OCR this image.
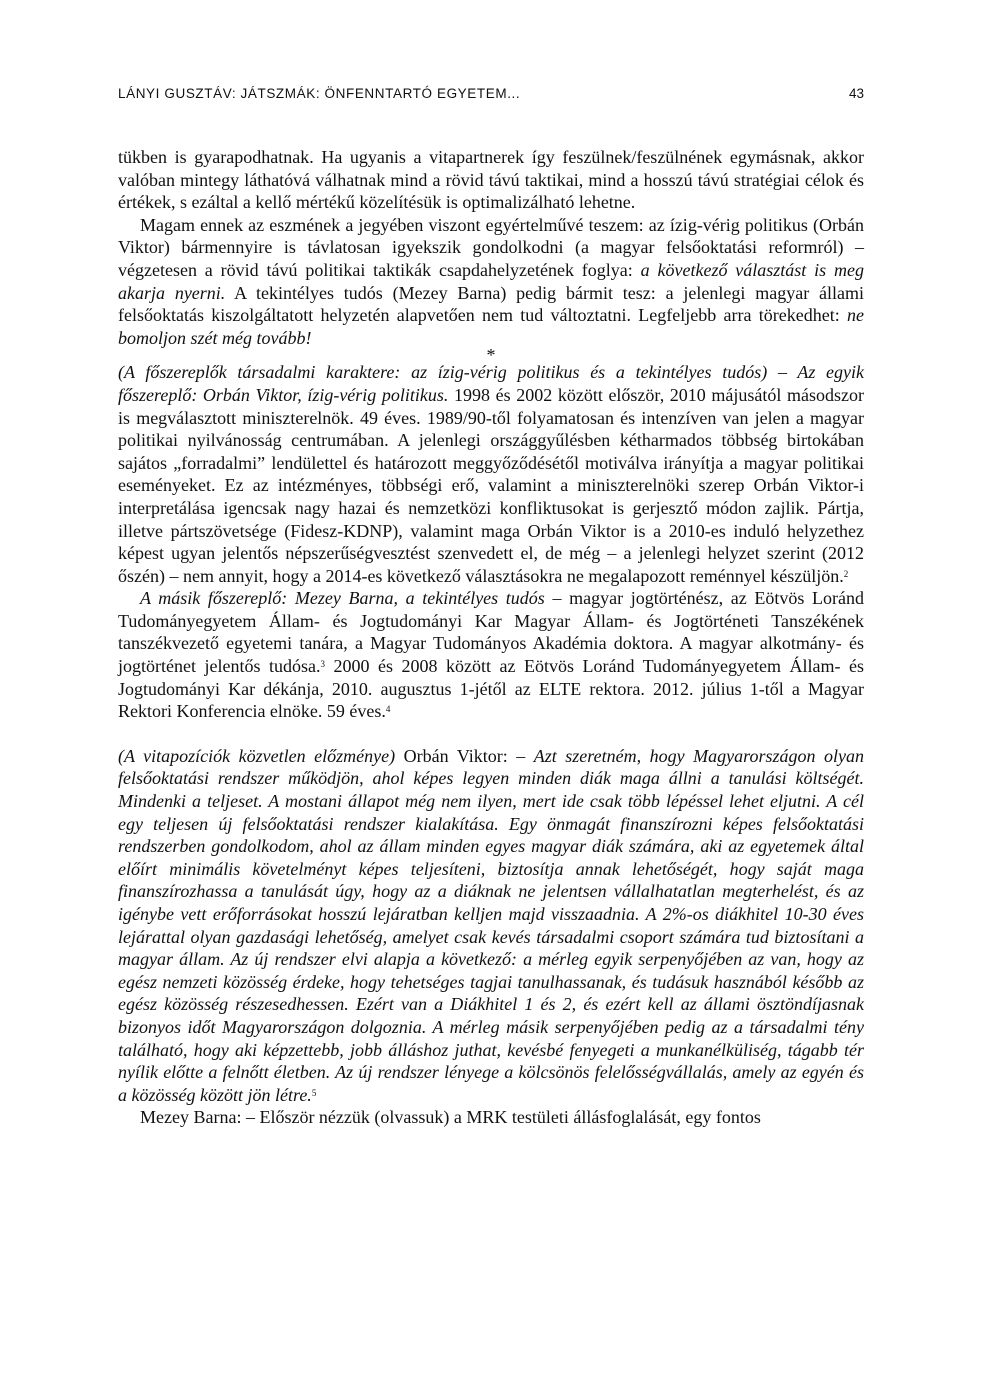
LÁNYI GUSZTÁV: JÁTSZMÁK: ÖNFENNTARTÓ EGYETEM...	43

tükben is gyarapodhatnak. Ha ugyanis a vitapartnerek így feszülnek/feszülnének egymásnak, akkor valóban mintegy láthatóvá válhatnak mind a rövid távú taktikai, mind a hosszú távú stratégiai célok és értékek, s ezáltal a kellő mértékű közelítésük is optimalizálható lehetne.

Magam ennek az eszmének a jegyében viszont egyértelművé teszem: az ízig-vérig politikus (Orbán Viktor) bármennyire is távlatosan igyekszik gondolkodni (a magyar felsőoktatási reformról) – végzetesen a rövid távú politikai taktikák csapdahelyzetének foglya: a következő választást is meg akarja nyerni. A tekintélyes tudós (Mezey Barna) pedig bármit tesz: a jelenlegi magyar állami felsőoktatás kiszolgáltatott helyzetén alapvetően nem tud változtatni. Legfeljebb arra törekedhet: ne bomoljon szét még tovább!

*

(A főszereplők társadalmi karaktere: az ízig-vérig politikus és a tekintélyes tudós) – Az egyik főszereplő: Orbán Viktor, ízig-vérig politikus. 1998 és 2002 között először, 2010 májusától másodszor is megválasztott miniszterelnök. 49 éves. 1989/90-től folyamatosan és intenzíven van jelen a magyar politikai nyilvánosság centrumában. A jelenlegi országgyűlésben kétharmados többség birtokában sajátos „forradalmi” lendülettel és határozott meggyőződésétől motiválva irányítja a magyar politikai eseményeket. Ez az intézményes, többségi erő, valamint a miniszterelnöki szerep Orbán Viktor-i interpretálása igencsak nagy hazai és nemzetközi konfliktusokat is gerjesztő módon zajlik. Pártja, illetve pártszövetsége (Fidesz-KDNP), valamint maga Orbán Viktor is a 2010-es induló helyzethez képest ugyan jelentős népszerűségvesztést szenvedett el, de még – a jelenlegi helyzet szerint (2012 őszén) – nem annyit, hogy a 2014-es következő választásokra ne megalapozott reménnyel készüljön.$^2$

A másik főszereplő: Mezey Barna, a tekintélyes tudós – magyar jogtörténész, az Eötvös Loránd Tudományegyetem Állam- és Jogtudományi Kar Magyar Állam- és Jogtörténeti Tanszékének tanszékvezető egyetemi tanára, a Magyar Tudományos Akadémia doktora. A magyar alkotmány- és jogtörténet jelentős tudósa.$^3$ 2000 és 2008 között az Eötvös Loránd Tudományegyetem Állam- és Jogtudományi Kar dékánja, 2010. augusztus 1-jétől az ELTE rektora. 2012. július 1-től a Magyar Rektori Konferencia elnöke. 59 éves.$^4$

(A vitapozíciók közvetlen előzménye) Orbán Viktor: – Azt szeretném, hogy Magyarországon olyan felsőoktatási rendszer működjön, ahol képes legyen minden diák maga állni a tanulási költségét. Mindenki a teljeset. A mostani állapot még nem ilyen, mert ide csak több lépéssel lehet eljutni. A cél egy teljesen új felsőoktatási rendszer kialakítása. Egy önmagát finanszírozni képes felsőoktatási rendszerben gondolkodom, ahol az állam minden egyes magyar diák számára, aki az egyetemek által előírt minimális követelményt képes teljesíteni, biztosítja annak lehetőségét, hogy saját maga finanszírozhassa a tanulását úgy, hogy az a diáknak ne jelentsen vállalhatatlan megterhelést, és az igénybe vett erőforrásokat hosszú lejáratban kelljen majd visszaadnia. A 2%-os diákhitel 10-30 éves lejárattal olyan gazdasági lehetőség, amelyet csak kevés társadalmi csoport számára tud biztosítani a magyar állam. Az új rendszer elvi alapja a következő: a mérleg egyik serpenyőjében az van, hogy az egész nemzeti közösség érdeke, hogy tehetséges tagjai tanulhassanak, és tudásuk hasznából később az egész közösség részesedhessen. Ezért van a Diákhitel 1 és 2, és ezért kell az állami ösztöndíjasnak bizonyos időt Magyarországon dolgoznia. A mérleg másik serpenyőjében pedig az a társadalmi tény található, hogy aki képzettebb, jobb álláshoz juthat, kevésbé fenyegeti a munkanélküliség, tágabb tér nyílik előtte a felnőtt életben. Az új rendszer lényege a kölcsönös felelősségvállalás, amely az egyén és a közösség között jön létre.$^5$

Mezey Barna: – Először nézzük (olvassuk) a MRK testületi állásfoglalását, egy fontos
